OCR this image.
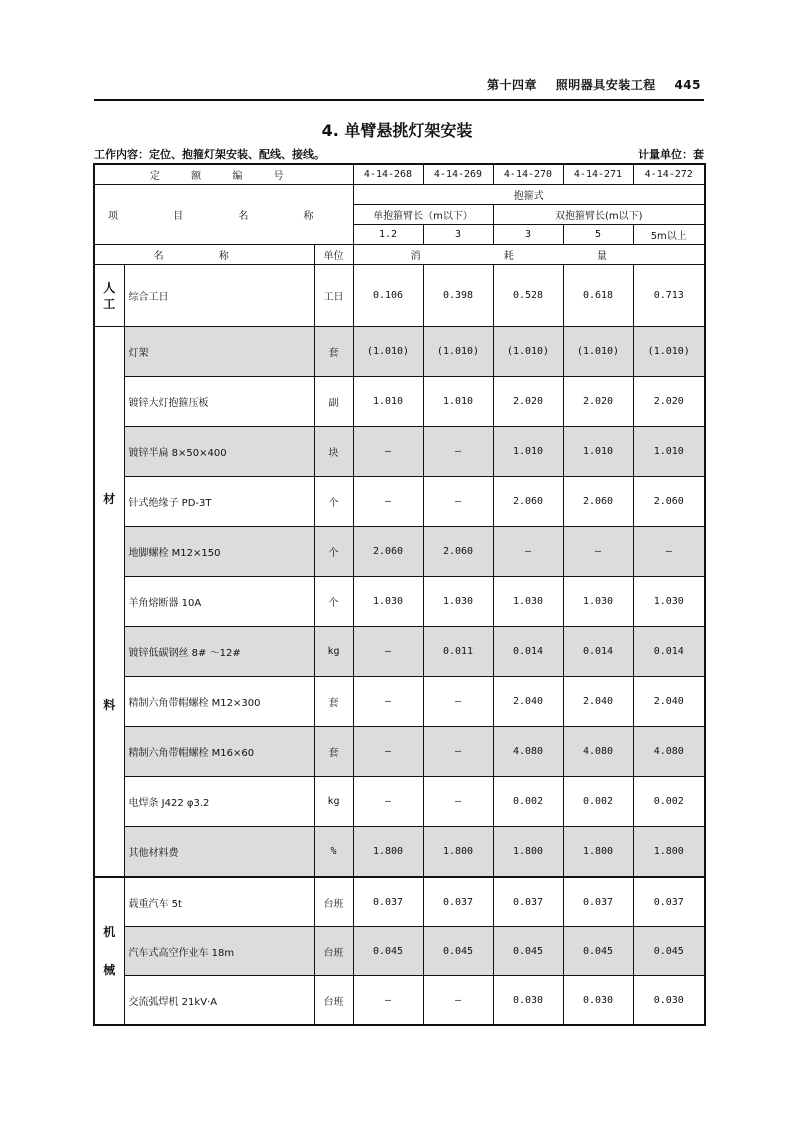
第十四章 照明器具安装工程 445
4. 单臂悬挑灯架安装
工作内容：定位、抱箍灯架安装、配线、接线。	计量单位：套
定 额 编 号			4-14-268	4-14-269	4-14-270	4-14-271	4-14-272
项 目 名 称			抱箍式				
			单抱箍臂长（m以下）		双抱箍臂长(m以下)		
			1.2	3	3	5	5m以上
名 称		单位	消 耗 量				

人
工	综合工日	工日	0.106	0.398	0.528	0.618	0.713

材
料	灯架	套	(1.010)	(1.010)	(1.010)	(1.010)	(1.010)
	镀锌大灯抱箍压板	副	1.010	1.010	2.020	2.020	2.020
	镀锌半扁 8×50×400	块	—	—	1.010	1.010	1.010
	针式绝缘子 PD-3T	个	—	—	2.060	2.060	2.060
	地脚螺栓 M12×150	个	2.060	2.060	—	—	—
	羊角熔断器 10A	个	1.030	1.030	1.030	1.030	1.030
	镀锌低碳钢丝 8# ～12#	kg	—	0.011	0.014	0.014	0.014
	精制六角带帽螺栓 M12×300	套	—	—	2.040	2.040	2.040
	精制六角带帽螺栓 M16×60	套	—	—	4.080	4.080	4.080
	电焊条 J422 φ3.2	kg	—	—	0.002	0.002	0.002
	其他材料费	%	1.800	1.800	1.800	1.800	1.800

机
械	载重汽车 5t	台班	0.037	0.037	0.037	0.037	0.037
	汽车式高空作业车 18m	台班	0.045	0.045	0.045	0.045	0.045
	交流弧焊机 21kV·A	台班	—	—	0.030	0.030	0.030
